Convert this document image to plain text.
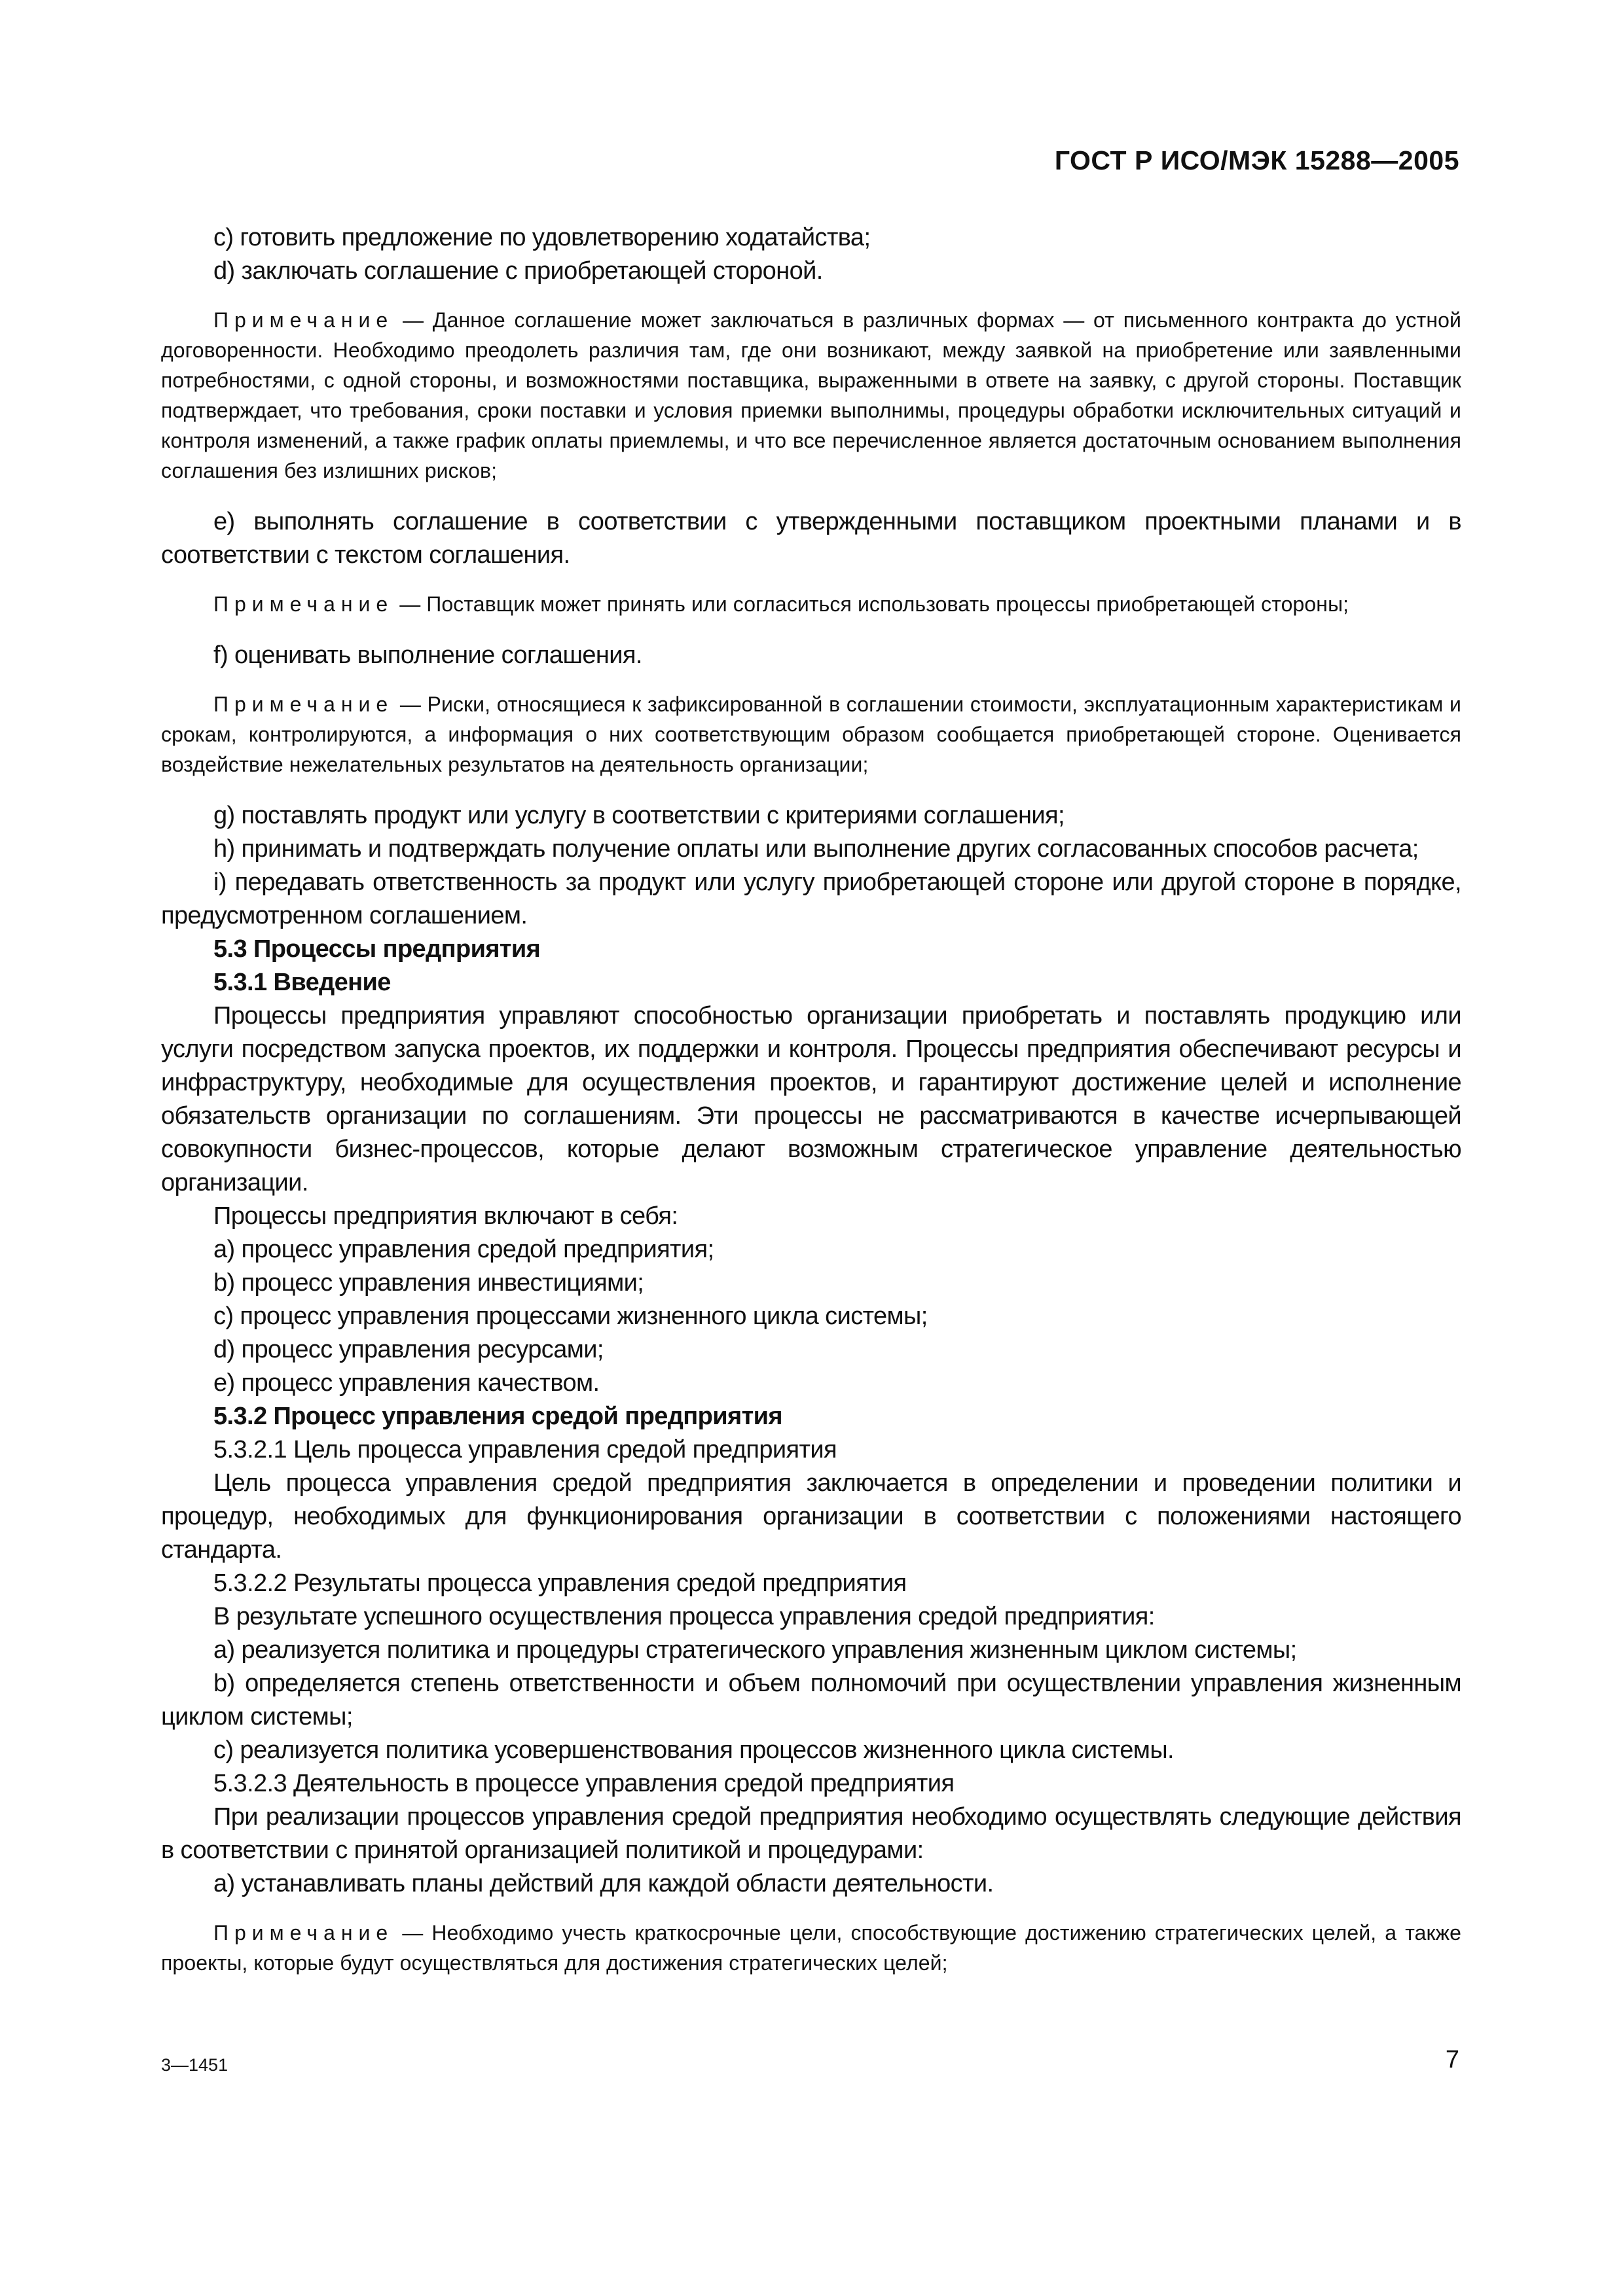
ГОСТ Р ИСО/МЭК 15288—2005

c) готовить предложение по удовлетворению ходатайства;

d) заключать соглашение с приобретающей стороной.

Примечание — Данное соглашение может заключаться в различных формах — от письменного контракта до устной договоренности. Необходимо преодолеть различия там, где они возникают, между заявкой на приобретение или заявленными потребностями, с одной стороны, и возможностями поставщика, выраженными в ответе на заявку, с другой стороны. Поставщик подтверждает, что требования, сроки поставки и условия приемки выполнимы, процедуры обработки исключительных ситуаций и контроля изменений, а также график оплаты приемлемы, и что все перечисленное является достаточным основанием выполнения соглашения без излишних рисков;

e) выполнять соглашение в соответствии с утвержденными поставщиком проектными планами и в соответствии с текстом соглашения.

Примечание — Поставщик может принять или согласиться использовать процессы приобретающей стороны;

f) оценивать выполнение соглашения.

Примечание — Риски, относящиеся к зафиксированной в соглашении стоимости, эксплуатационным характеристикам и срокам, контролируются, а информация о них соответствующим образом сообщается приобретающей стороне. Оценивается воздействие нежелательных результатов на деятельность организации;

g) поставлять продукт или услугу в соответствии с критериями соглашения;

h) принимать и подтверждать получение оплаты или выполнение других согласованных способов расчета;

i) передавать ответственность за продукт или услугу приобретающей стороне или другой стороне в порядке, предусмотренном соглашением.

5.3 Процессы предприятия

5.3.1 Введение

Процессы предприятия управляют способностью организации приобретать и поставлять продукцию или услуги посредством запуска проектов, их поддержки и контроля. Процессы предприятия обеспечивают ресурсы и инфраструктуру, необходимые для осуществления проектов, и гарантируют достижение целей и исполнение обязательств организации по соглашениям. Эти процессы не рассматриваются в качестве исчерпывающей совокупности бизнес-процессов, которые делают возможным стратегическое управление деятельностью организации.

Процессы предприятия включают в себя:

a) процесс управления средой предприятия;

b) процесс управления инвестициями;

c) процесс управления процессами жизненного цикла системы;

d) процесс управления ресурсами;

e) процесс управления качеством.

5.3.2 Процесс управления средой предприятия

5.3.2.1 Цель процесса управления средой предприятия

Цель процесса управления средой предприятия заключается в определении и проведении политики и процедур, необходимых для функционирования организации в соответствии с положениями настоящего стандарта.

5.3.2.2 Результаты процесса управления средой предприятия

В результате успешного осуществления процесса управления средой предприятия:

a) реализуется политика и процедуры стратегического управления жизненным циклом системы;

b) определяется степень ответственности и объем полномочий при осуществлении управления жизненным циклом системы;

c) реализуется политика усовершенствования процессов жизненного цикла системы.

5.3.2.3 Деятельность в процессе управления средой предприятия

При реализации процессов управления средой предприятия необходимо осуществлять следующие действия в соответствии с принятой организацией политикой и процедурами:

a) устанавливать планы действий для каждой области деятельности.

Примечание — Необходимо учесть краткосрочные цели, способствующие достижению стратегических целей, а также проекты, которые будут осуществляться для достижения стратегических целей;

3—1451	7
